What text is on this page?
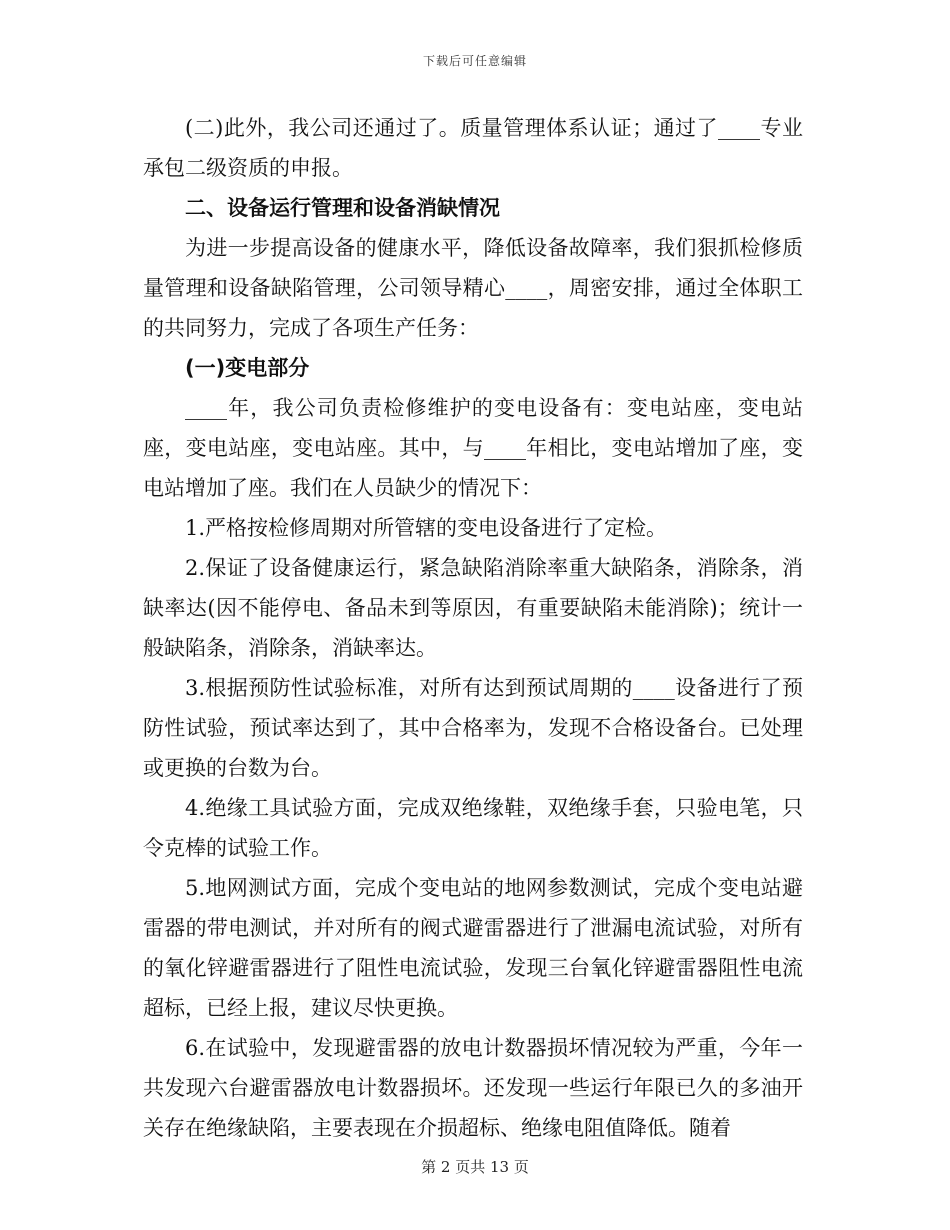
下载后可任意编辑

(二)此外，我公司还通过了。质量管理体系认证；通过了____专业承包二级资质的申报。

二、设备运行管理和设备消缺情况

为进一步提高设备的健康水平，降低设备故障率，我们狠抓检修质量管理和设备缺陷管理，公司领导精心____，周密安排，通过全体职工的共同努力，完成了各项生产任务：

(一)变电部分

____年，我公司负责检修维护的变电设备有：变电站座，变电站座，变电站座，变电站座。其中，与____年相比，变电站增加了座，变电站增加了座。我们在人员缺少的情况下：

1.严格按检修周期对所管辖的变电设备进行了定检。

2.保证了设备健康运行，紧急缺陷消除率重大缺陷条，消除条，消缺率达(因不能停电、备品未到等原因，有重要缺陷未能消除)；统计一般缺陷条，消除条，消缺率达。

3.根据预防性试验标准，对所有达到预试周期的____设备进行了预防性试验，预试率达到了，其中合格率为，发现不合格设备台。已处理或更换的台数为台。

4.绝缘工具试验方面，完成双绝缘鞋，双绝缘手套，只验电笔，只令克棒的试验工作。

5.地网测试方面，完成个变电站的地网参数测试，完成个变电站避雷器的带电测试，并对所有的阀式避雷器进行了泄漏电流试验，对所有的氧化锌避雷器进行了阻性电流试验，发现三台氧化锌避雷器阻性电流超标，已经上报，建议尽快更换。

6.在试验中，发现避雷器的放电计数器损坏情况较为严重，今年一共发现六台避雷器放电计数器损坏。还发现一些运行年限已久的多油开关存在绝缘缺陷，主要表现在介损超标、绝缘电阻值降低。随着

第 2 页共 13 页
